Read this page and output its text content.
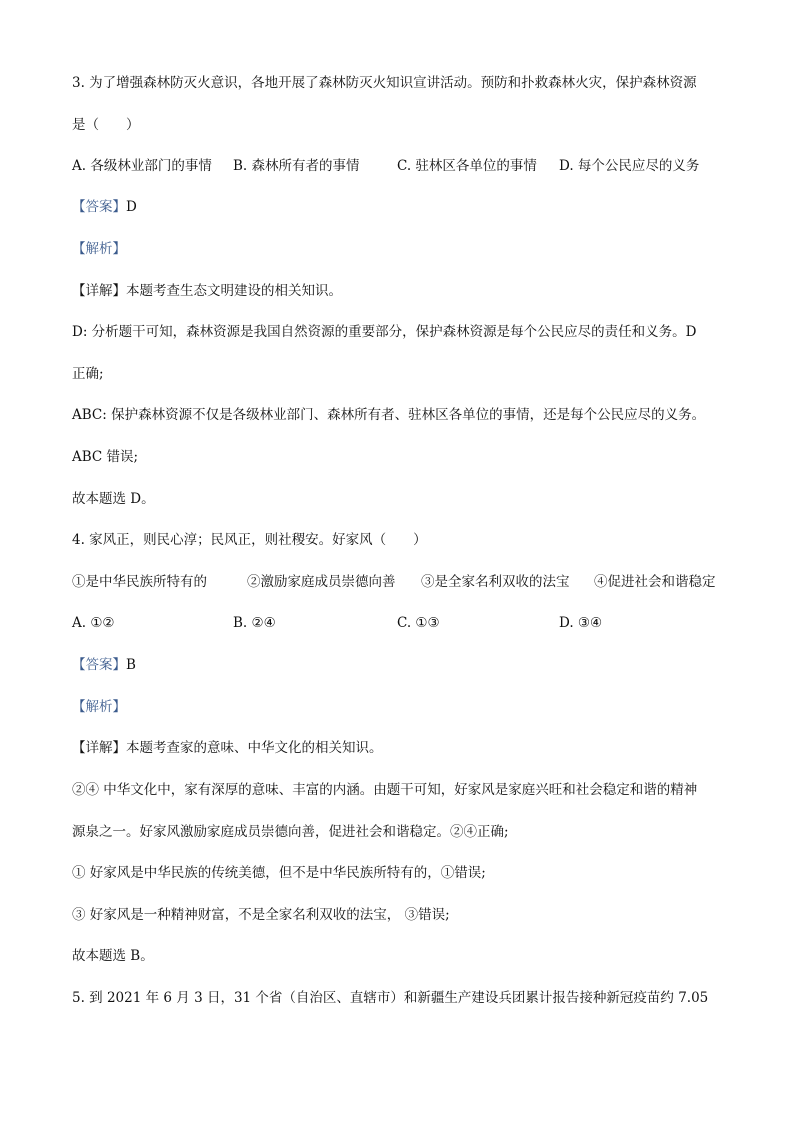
3. 为了增强森林防灭火意识，各地开展了森林防灭火知识宣讲活动。预防和扑救森林火灾，保护森林资源
是（　　）
A. 各级林业部门的事情 B. 森林所有者的事情	C. 驻林区各单位的事情 D. 每个公民应尽的义务
【答案】D
【解析】
【详解】本题考查生态文明建设的相关知识。
D: 分析题干可知，森林资源是我国自然资源的重要部分，保护森林资源是每个公民应尽的责任和义务。D
正确;
ABC: 保护森林资源不仅是各级林业部门、森林所有者、驻林区各单位的事情，还是每个公民应尽的义务。
ABC 错误;
故本题选 D。
4. 家风正，则民心淳；民风正，则社稷安。好家风（　　）
①是中华民族所特有的	②激励家庭成员崇德向善 ③是全家名利双收的法宝 ④促进社会和谐稳定
A. ①②	B. ②④	C. ①③	D. ③④
【答案】B
【解析】
【详解】本题考查家的意味、中华文化的相关知识。
②④ 中华文化中，家有深厚的意味、丰富的内涵。由题干可知，好家风是家庭兴旺和社会稳定和谐的精神
源泉之一。好家风激励家庭成员崇德向善，促进社会和谐稳定。②④正确;
① 好家风是中华民族的传统美德，但不是中华民族所特有的，①错误;
③ 好家风是一种精神财富，不是全家名利双收的法宝， ③错误;
故本题选 B。
5. 到 2021 年 6 月 3 日，31 个省（自治区、直辖市）和新疆生产建设兵团累计报告接种新冠疫苗约 7.05
